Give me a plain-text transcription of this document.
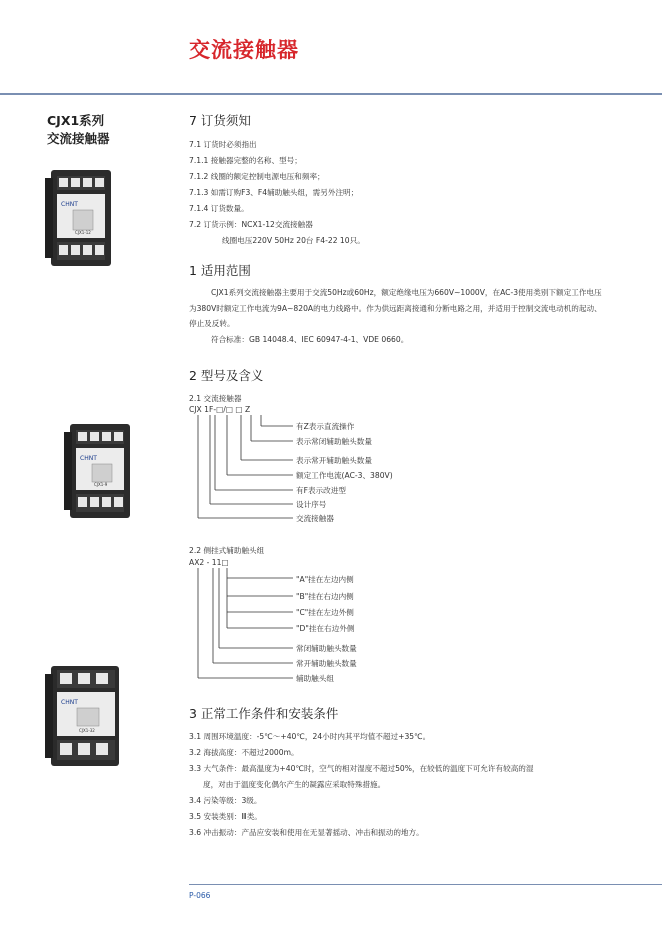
交流接触器
CJX1系列
交流接触器
CHNT
CJX1-12
CHNT
CJX1-9
CHNT
CJX1-32
7 订货须知
7.1 订货时必须指出
7.1.1 接触器完整的名称、型号；
7.1.2 线圈的额定控制电源电压和频率；
7.1.3 如需订购F3、F4辅助触头组，需另外注明；
7.1.4 订货数量。
7.2 订货示例：NCX1-12交流接触器
线圈电压220V 50Hz 20台 F4-22 10只。
1 适用范围

CJX1系列交流接触器主要用于交流50Hz或60Hz，额定绝缘电压为660V~1000V，在AC-3使用类别下额定工作电压为380V时额定工作电流为9A~820A的电力线路中。作为供远距离接通和分断电路之用，并适用于控制交流电动机的起动、停止及反转。

符合标准：GB 14048.4、IEC 60947-4-1、VDE 0660。

2 型号及含义
2.1 交流接触器
CJX 1F-□/□ □ Z
有Z表示直流操作
表示常闭辅助触头数量
表示常开辅助触头数量
额定工作电流(AC-3、380V)
有F表示改进型
设计序号
交流接触器
2.2 侧挂式辅助触头组
AX2 - 11□
"A"挂在左边内侧
"B"挂在右边内侧
"C"挂在左边外侧
"D"挂在右边外侧
常闭辅助触头数量
常开辅助触头数量
辅助触头组
3 正常工作条件和安装条件
3.1 周围环境温度：-5℃～+40℃，24小时内其平均值不超过+35℃。
3.2 海拔高度：不超过2000m。
3.3 大气条件：最高温度为+40℃时，空气的相对湿度不超过50%，在较低的温度下可允许有较高的湿
度，对由于温度变化偶尔产生的凝露应采取特殊措施。
3.4 污染等级：3级。
3.5 安装类别：Ⅲ类。
3.6 冲击振动：产品应安装和使用在无显著摇动、冲击和振动的地方。
P-066
